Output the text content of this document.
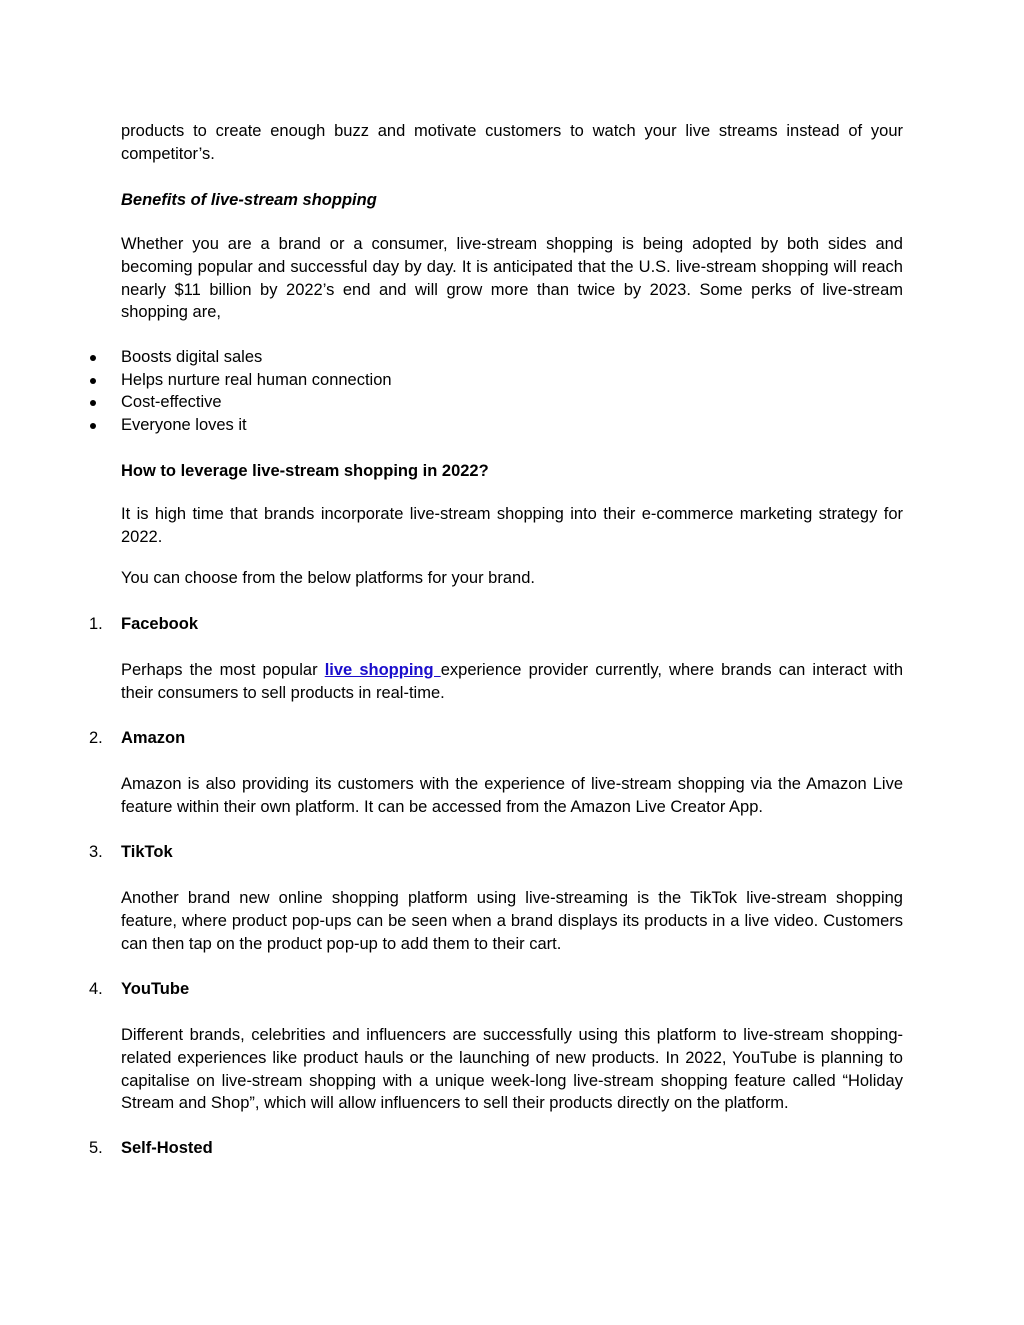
products to create enough buzz and motivate customers to watch your live streams instead of your competitor’s.

Benefits of live-stream shopping

Whether you are a brand or a consumer, live-stream shopping is being adopted by both sides and becoming popular and successful day by day. It is anticipated that the U.S. live-stream shopping will reach nearly $11 billion by 2022’s end and will grow more than twice by 2023. Some perks of live-stream shopping are,

Boosts digital sales
Helps nurture real human connection
Cost-effective
Everyone loves it

How to leverage live-stream shopping in 2022?

It is high time that brands incorporate live-stream shopping into their e-commerce marketing strategy for 2022.

You can choose from the below platforms for your brand.

1. Facebook

Perhaps the most popular live shopping experience provider currently, where brands can interact with their consumers to sell products in real-time.

2. Amazon

Amazon is also providing its customers with the experience of live-stream shopping via the Amazon Live feature within their own platform. It can be accessed from the Amazon Live Creator App.

3. TikTok

Another brand new online shopping platform using live-streaming is the TikTok live-stream shopping feature, where product pop-ups can be seen when a brand displays its products in a live video. Customers can then tap on the product pop-up to add them to their cart.

4. YouTube

Different brands, celebrities and influencers are successfully using this platform to live-stream shopping-related experiences like product hauls or the launching of new products. In 2022, YouTube is planning to capitalise on live-stream shopping with a unique week-long live-stream shopping feature called “Holiday Stream and Shop”, which will allow influencers to sell their products directly on the platform.

5. Self-Hosted
